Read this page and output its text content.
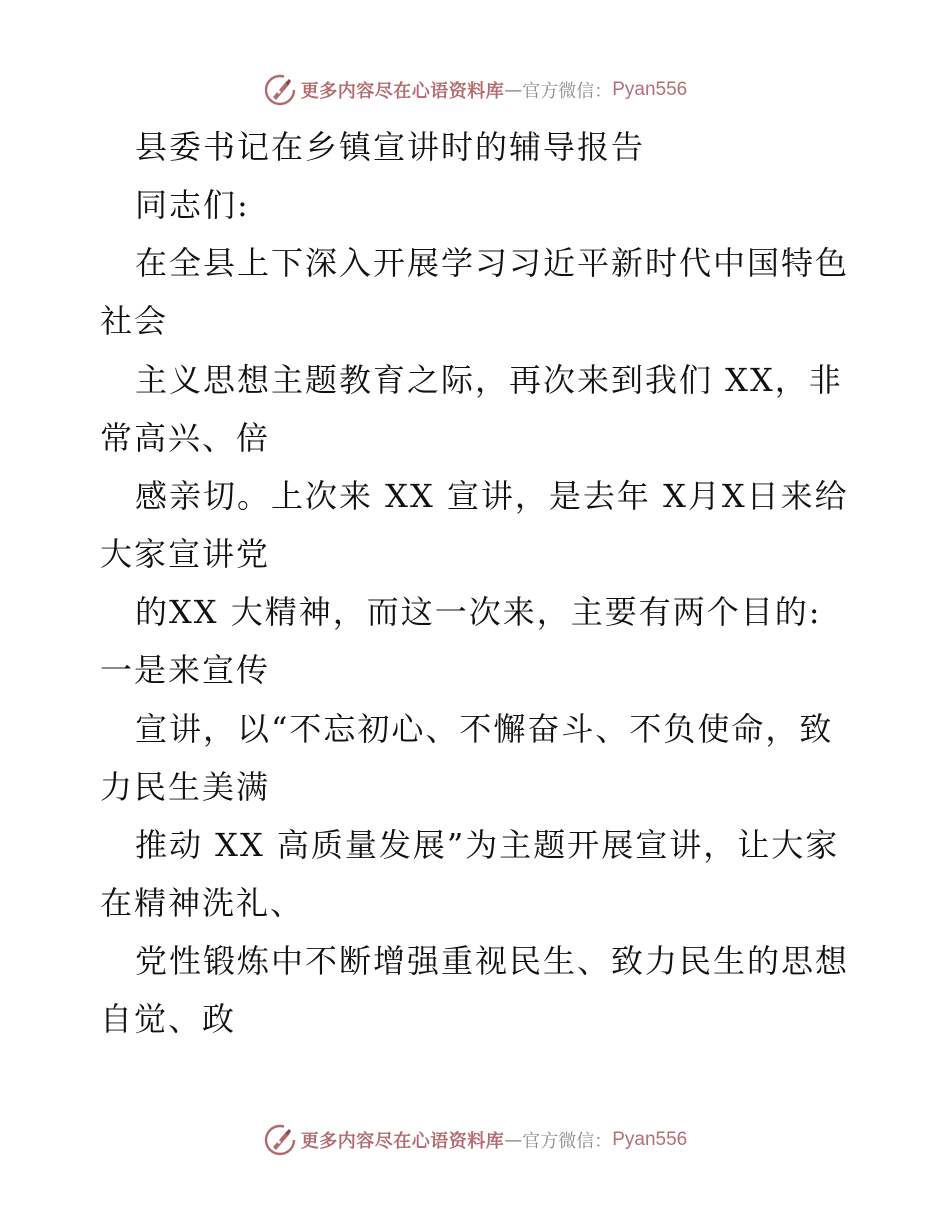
更多内容尽在心语资料库 — 官方微信： Pyan556
县委书记在乡镇宣讲时的辅导报告
同志们:
在全县上下深入开展学习习近平新时代中国特色
社会
主义思想主题教育之际，再次来到我们 XX，非
常高兴、倍
感亲切。上次来 XX 宣讲，是去年 X月X日来给
大家宣讲党
的XX 大精神，而这一次来，主要有两个目的:
一是来宣传
宣讲，以“不忘初心、不懈奋斗、不负使命，致
力民生美满
推动 XX 高质量发展”为主题开展宣讲，让大家
在精神洗礼、
党性锻炼中不断增强重视民生、致力民生的思想
自觉、政
更多内容尽在心语资料库 — 官方微信： Pyan556
